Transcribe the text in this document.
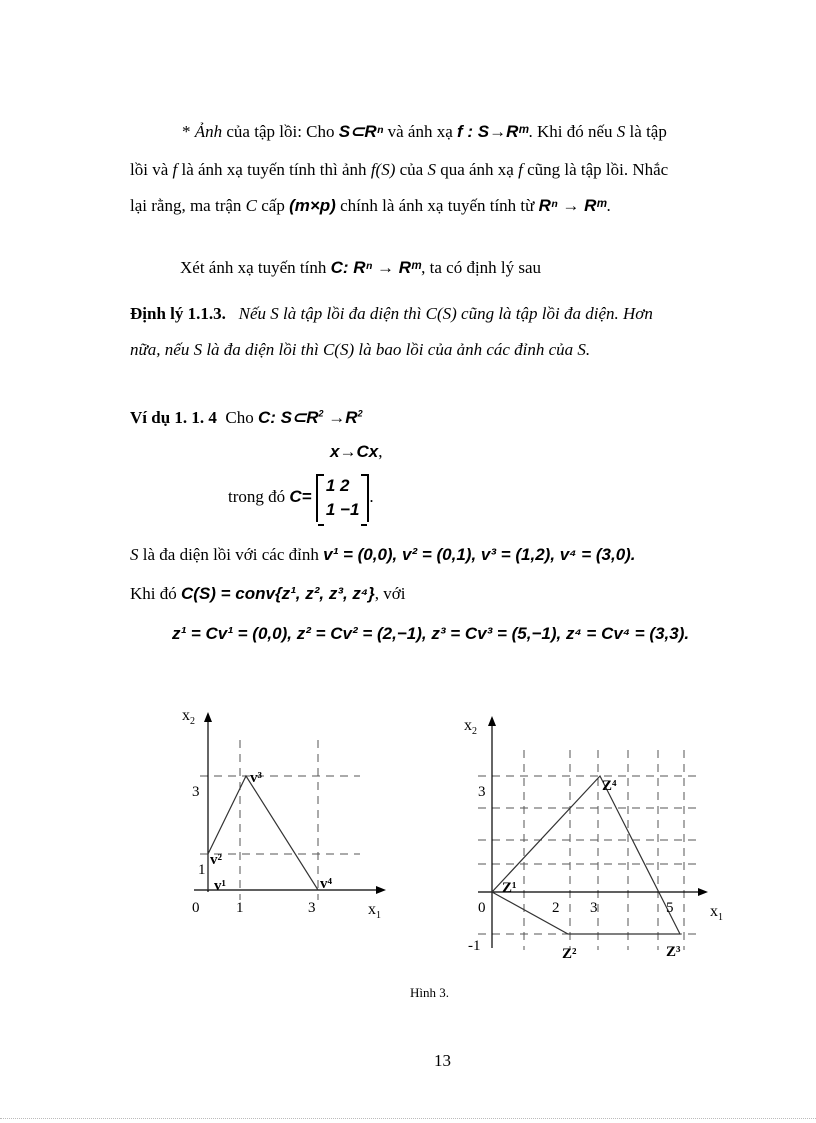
* Ảnh của tập lồi: Cho S⊂Rⁿ và ánh xạ f : S→Rᵐ. Khi đó nếu S là tập
lồi và f là ánh xạ tuyến tính thì ảnh f(S) của S qua ánh xạ f cũng là tập lồi. Nhắc
lại rằng, ma trận C cấp (m×p) chính là ánh xạ tuyến tính từ Rⁿ → Rᵐ.
Xét ánh xạ tuyến tính C: Rⁿ → Rᵐ, ta có định lý sau
Định lý 1.1.3. Nếu S là tập lồi đa diện thì C(S) cũng là tập lồi đa diện. Hơn
nữa, nếu S là đa diện lồi thì C(S) là bao lồi của ảnh các đỉnh của S.
Ví dụ 1. 1. 4 Cho C: $S\subset R^2 \to R^2$
x→Cx,
trong đó C=
1 2
1 −1
.
S là đa diện lồi với các đỉnh v¹ = (0,0), v² = (0,1), v³ = (1,2), v⁴ = (3,0).
Khi đó C(S) = conv{z¹, z², z³, z⁴}, với
z¹ = Cv¹ = (0,0), z² = Cv² = (2,−1), z³ = Cv³ = (5,−1), z⁴ = Cv⁴ = (3,3).
$x_2$
$x_1$
3
1
0 1	3
v³
v²
v¹	v⁴
$x_2$
$x_1$
3
-1
0	2 3	5
Z⁴
Z¹
Z²	Z³
Hình 3.
13
